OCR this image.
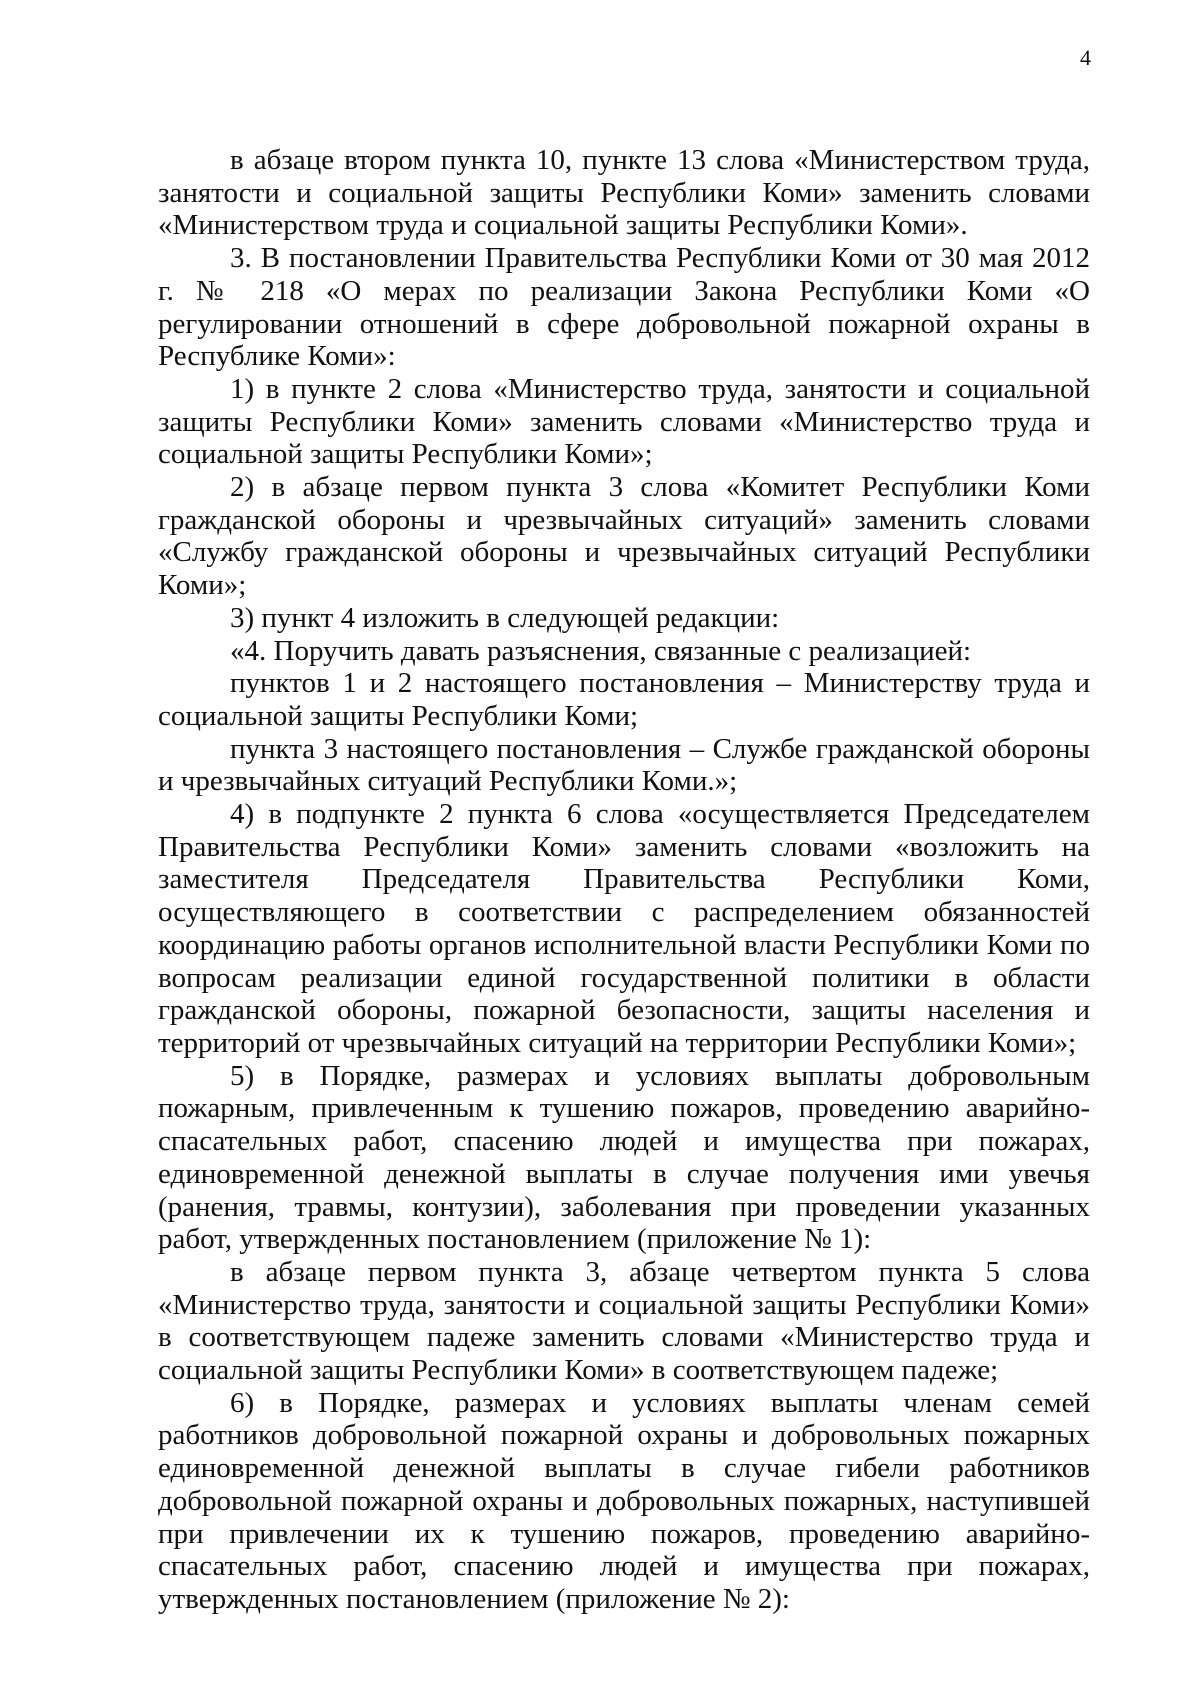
4

в абзаце втором пункта 10, пункте 13 слова «Министерством труда, занятости и социальной защиты Республики Коми» заменить словами «Министерством труда и социальной защиты Республики Коми».

3. В постановлении Правительства Республики Коми от 30 мая 2012 г. № 218 «О мерах по реализации Закона Республики Коми «О регулировании отношений в сфере добровольной пожарной охраны в Республике Коми»:

1) в пункте 2 слова «Министерство труда, занятости и социальной защиты Республики Коми» заменить словами «Министерство труда и социальной защиты Республики Коми»;

2) в абзаце первом пункта 3 слова «Комитет Республики Коми гражданской обороны и чрезвычайных ситуаций» заменить словами «Службу гражданской обороны и чрезвычайных ситуаций Республики Коми»;

3) пункт 4 изложить в следующей редакции:

«4. Поручить давать разъяснения, связанные с реализацией:

пунктов 1 и 2 настоящего постановления – Министерству труда и социальной защиты Республики Коми;

пункта 3 настоящего постановления – Службе гражданской обороны и чрезвычайных ситуаций Республики Коми.»;

4) в подпункте 2 пункта 6 слова «осуществляется Председателем Правительства Республики Коми» заменить словами «возложить на заместителя Председателя Правительства Республики Коми, осуществляющего в соответствии с распределением обязанностей координацию работы органов исполнительной власти Республики Коми по вопросам реализации единой государственной политики в области гражданской обороны, пожарной безопасности, защиты населения и территорий от чрезвычайных ситуаций на территории Республики Коми»;

5) в Порядке, размерах и условиях выплаты добровольным пожарным, привлеченным к тушению пожаров, проведению аварийно-спасательных работ, спасению людей и имущества при пожарах, единовременной денежной выплаты в случае получения ими увечья (ранения, травмы, контузии), заболевания при проведении указанных работ, утвержденных постановлением (приложение № 1):

в абзаце первом пункта 3, абзаце четвертом пункта 5 слова «Министерство труда, занятости и социальной защиты Республики Коми» в соответствующем падеже заменить словами «Министерство труда и социальной защиты Республики Коми» в соответствующем падеже;

6) в Порядке, размерах и условиях выплаты членам семей работников добровольной пожарной охраны и добровольных пожарных единовременной денежной выплаты в случае гибели работников добровольной пожарной охраны и добровольных пожарных, наступившей при привлечении их к тушению пожаров, проведению аварийно-спасательных работ, спасению людей и имущества при пожарах, утвержденных постановлением (приложение № 2):
